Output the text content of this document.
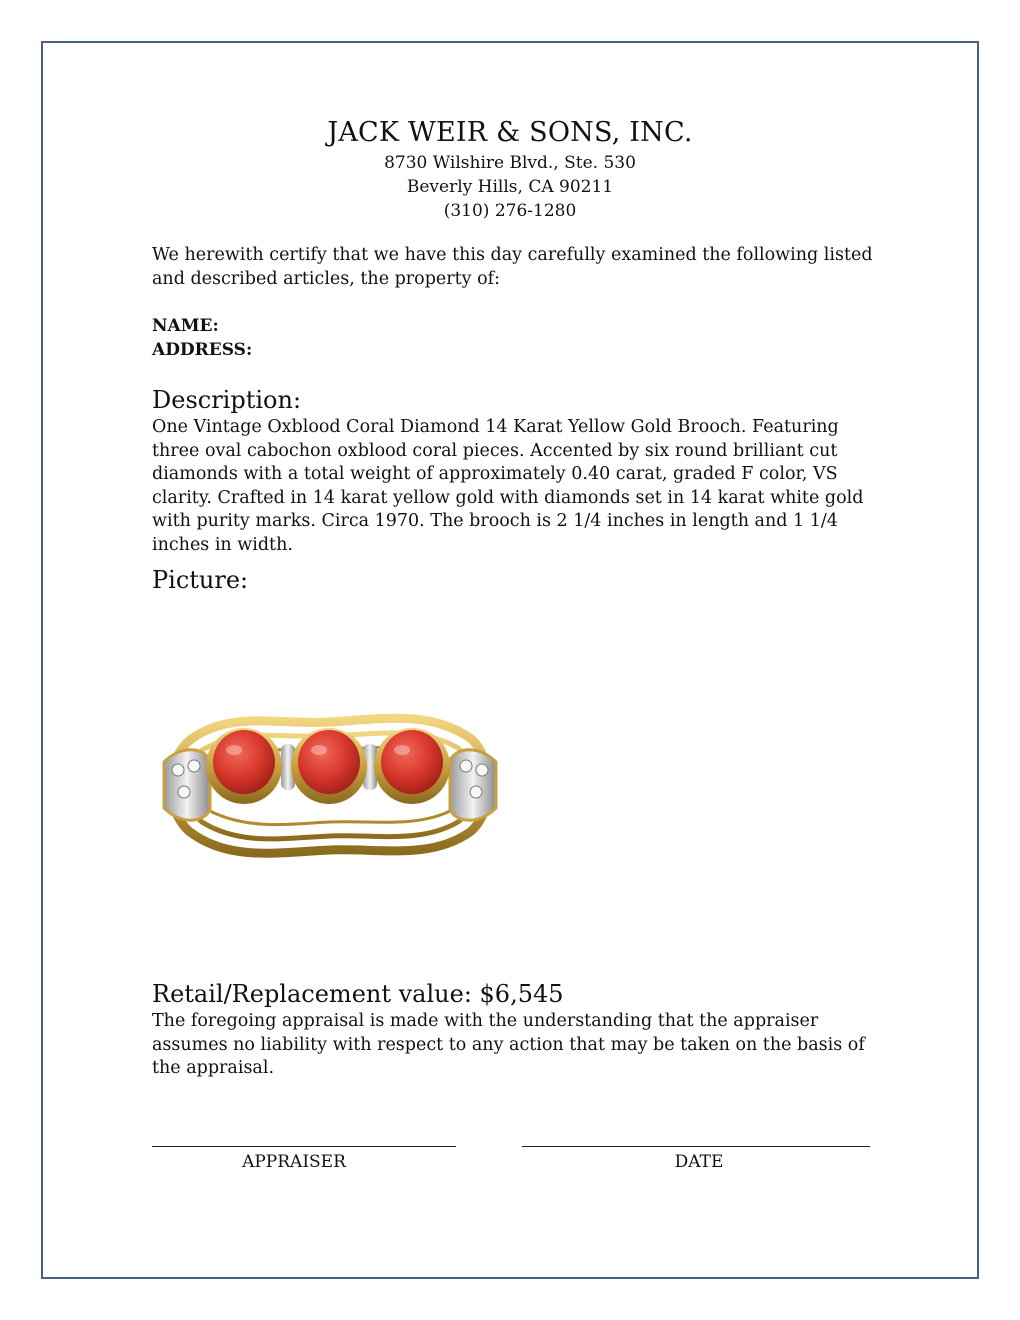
JACK WEIR & SONS, INC.
8730 Wilshire Blvd., Ste. 530
Beverly Hills, CA 90211
(310) 276-1280
We herewith certify that we have this day carefully examined the following listed and described articles, the property of:
NAME:
ADDRESS:
Description:
One Vintage Oxblood Coral Diamond 14 Karat Yellow Gold Brooch. Featuring three oval cabochon oxblood coral pieces. Accented by six round brilliant cut diamonds with a total weight of approximately 0.40 carat, graded F color, VS clarity. Crafted in 14 karat yellow gold with diamonds set in 14 karat white gold with purity marks. Circa 1970. The brooch is 2 1/4 inches in length and 1 1/4 inches in width.
Picture:
Retail/Replacement value: $6,545
The foregoing appraisal is made with the understanding that the appraiser assumes no liability with respect to any action that may be taken on the basis of the appraisal.
APPRAISER	DATE
